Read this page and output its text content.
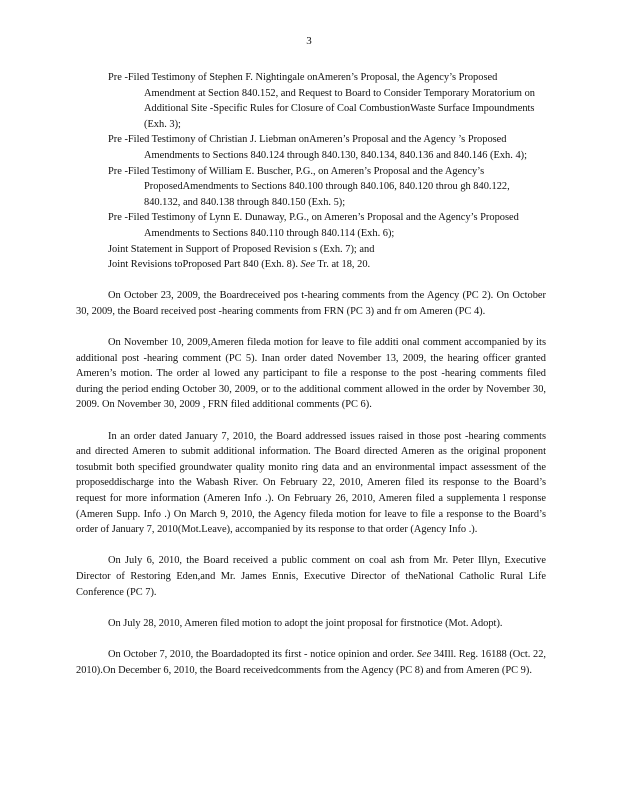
3
Pre -Filed Testimony of Stephen F. Nightingale onAmeren’s Proposal, the Agency’s Proposed Amendment at Section 840.152, and Request to Board to Consider Temporary Moratorium on Additional Site -Specific Rules for Closure of Coal CombustionWaste Surface Impoundments (Exh. 3);
Pre -Filed Testimony of Christian J. Liebman onAmeren’s Proposal and the Agency ’s Proposed Amendments to Sections 840.124 through 840.130, 840.134, 840.136 and 840.146 (Exh. 4);
Pre -Filed Testimony of William E. Buscher, P.G., on Ameren’s Proposal and the Agency’s ProposedAmendments to Sections 840.100 through 840.106, 840.120 throu gh 840.122, 840.132, and 840.138 through 840.150 (Exh. 5);
Pre -Filed Testimony of Lynn E. Dunaway, P.G., on Ameren’s Proposal and the Agency’s Proposed Amendments to Sections 840.110 through 840.114 (Exh. 6);
Joint Statement in Support of Proposed Revision s (Exh. 7); and
Joint Revisions toProposed Part 840 (Exh. 8). See Tr. at 18, 20.

On October 23, 2009, the Boardreceived pos t-hearing comments from the Agency (PC 2). On October 30, 2009, the Board received post -hearing comments from FRN (PC 3) and fr om Ameren (PC 4).

On November 10, 2009,Ameren fileda motion for leave to file additi onal comment accompanied by its additional post -hearing comment (PC 5). Inan order dated November 13, 2009, the hearing officer granted Ameren’s motion. The order al lowed any participant to file a response to the post -hearing comments filed during the period ending October 30, 2009, or to the additional comment allowed in the order by November 30, 2009. On November 30, 2009 , FRN filed additional comments (PC 6).

In an order dated January 7, 2010, the Board addressed issues raised in those post -hearing comments and directed Ameren to submit additional information. The Board directed Ameren as the original proponent tosubmit both specified groundwater quality monito ring data and an environmental impact assessment of the proposeddischarge into the Wabash River. On February 22, 2010, Ameren filed its response to the Board’s request for more information (Ameren Info .). On February 26, 2010, Ameren filed a supplementa l response (Ameren Supp. Info .) On March 9, 2010, the Agency fileda motion for leave to file a response to the Board’s order of January 7, 2010(Mot.Leave), accompanied by its response to that order (Agency Info .).

On July 6, 2010, the Board received a public comment on coal ash from Mr. Peter Illyn, Executive Director of Restoring Eden,and Mr. James Ennis, Executive Director of theNational Catholic Rural Life Conference (PC 7).

On July 28, 2010, Ameren filed motion to adopt the joint proposal for firstnotice (Mot. Adopt).

On October 7, 2010, the Boardadopted its first - notice opinion and order. See 34Ill. Reg. 16188 (Oct. 22, 2010).On December 6, 2010, the Board receivedcomments from the Agency (PC 8) and from Ameren (PC 9).
